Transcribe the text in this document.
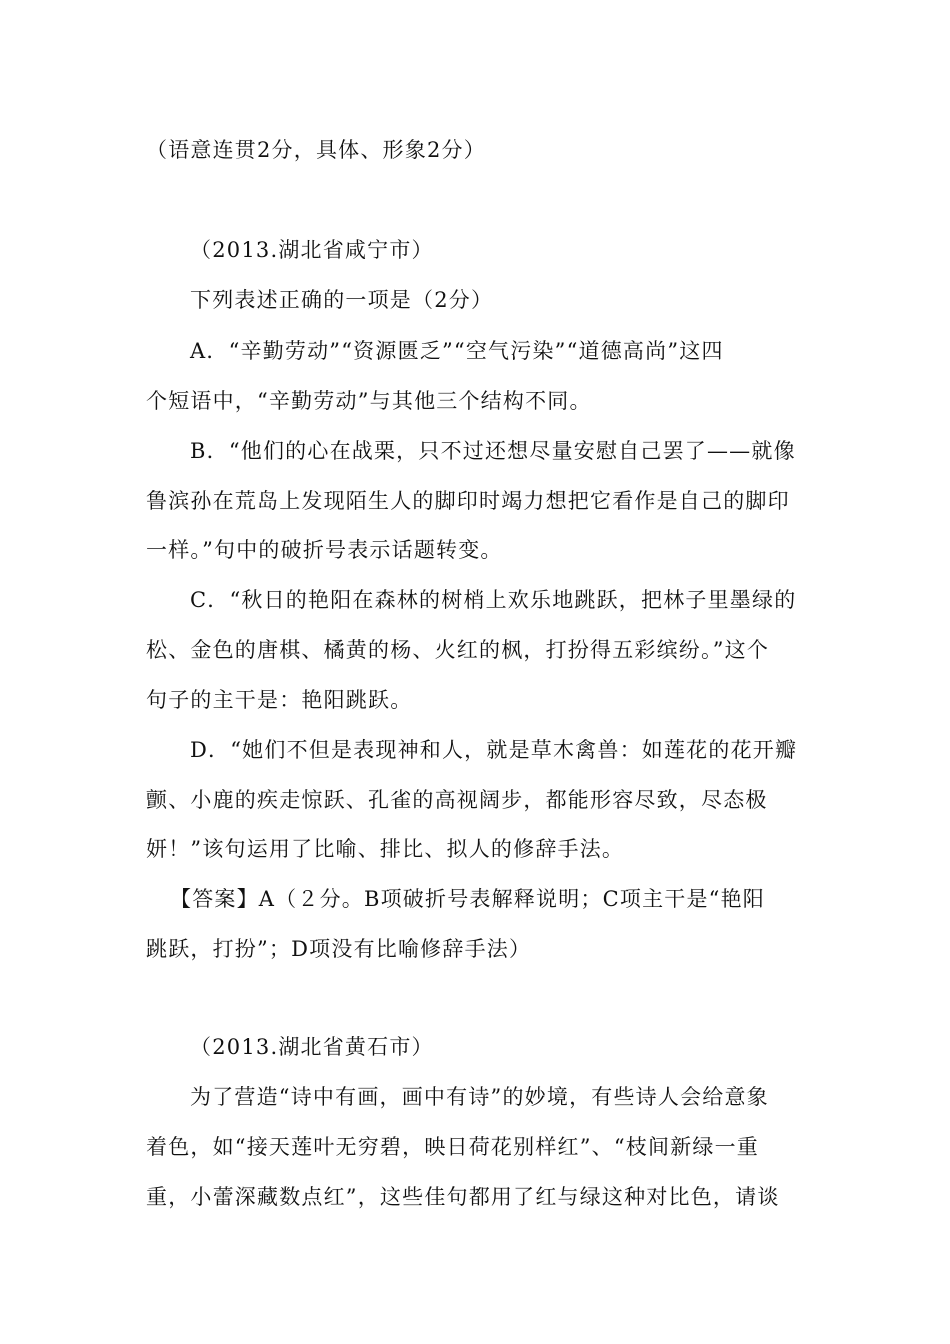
（语意连贯2分，具体、形象2分）
（2013.湖北省咸宁市）
下列表述正确的一项是（2分）
A．“辛勤劳动”“资源匮乏”“空气污染”“道德高尚”这四
个短语中，“辛勤劳动”与其他三个结构不同。
B．“他们的心在战栗，只不过还想尽量安慰自己罢了——就像
鲁滨孙在荒岛上发现陌生人的脚印时竭力想把它看作是自己的脚印
一样。”句中的破折号表示话题转变。
C．“秋日的艳阳在森林的树梢上欢乐地跳跃，把林子里墨绿的
松、金色的唐棋、橘黄的杨、火红的枫，打扮得五彩缤纷。”这个
句子的主干是：艳阳跳跃。
D．“她们不但是表现神和人，就是草木禽兽：如莲花的花开瓣
颤、小鹿的疾走惊跃、孔雀的高视阔步，都能形容尽致，尽态极
妍！”该句运用了比喻、排比、拟人的修辞手法。
【答案】A（２分。B项破折号表解释说明；C项主干是“艳阳
跳跃，打扮”；D项没有比喻修辞手法）
（2013.湖北省黄石市）
为了营造“诗中有画，画中有诗”的妙境，有些诗人会给意象
着色，如“接天莲叶无穷碧，映日荷花别样红”、“枝间新绿一重
重，小蕾深藏数点红”，这些佳句都用了红与绿这种对比色，请谈
